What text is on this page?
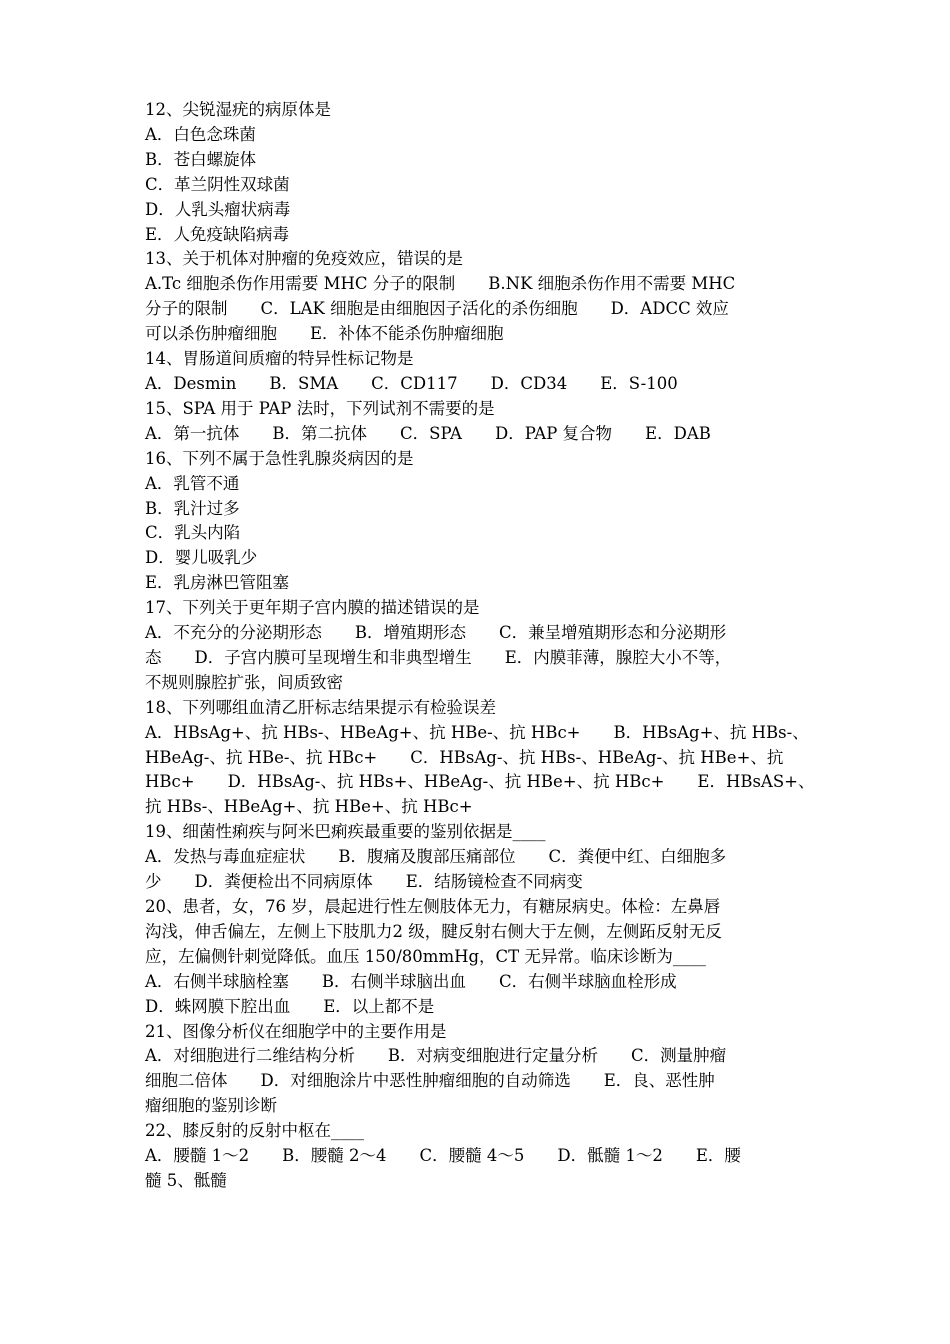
12、尖锐湿疣的病原体是

A．白色念珠菌

B．苍白螺旋体

C．革兰阴性双球菌

D．人乳头瘤状病毒

E．人免疫缺陷病毒

13、关于机体对肿瘤的免疫效应，错误的是

A.Tc 细胞杀伤作用需要 MHC 分子的限制　　B.NK 细胞杀伤作用不需要 MHC

分子的限制　　C．LAK 细胞是由细胞因子活化的杀伤细胞　　D．ADCC 效应

可以杀伤肿瘤细胞　　E．补体不能杀伤肿瘤细胞

14、胃肠道间质瘤的特异性标记物是

A．Desmin　　B．SMA　　C．CD117　　D．CD34　　E．S-100

15、SPA 用于 PAP 法时，下列试剂不需要的是

A．第一抗体　　B．第二抗体　　C．SPA　　D．PAP 复合物　　E．DAB

16、下列不属于急性乳腺炎病因的是

A．乳管不通

B．乳汁过多

C．乳头内陷

D．婴儿吸乳少

E．乳房淋巴管阻塞

17、下列关于更年期子宫内膜的描述错误的是

A．不充分的分泌期形态　　B．增殖期形态　　C．兼呈增殖期形态和分泌期形

态　　D．子宫内膜可呈现增生和非典型增生　　E．内膜菲薄，腺腔大小不等，

不规则腺腔扩张，间质致密

18、下列哪组血清乙肝标志结果提示有检验误差

A．HBsAg+、抗 HBs-、HBeAg+、抗 HBe-、抗 HBc+　　B．HBsAg+、抗 HBs-、

HBeAg-、抗 HBe-、抗 HBc+　　C．HBsAg-、抗 HBs-、HBeAg-、抗 HBe+、抗

HBc+　　D．HBsAg-、抗 HBs+、HBeAg-、抗 HBe+、抗 HBc+　　E．HBsAS+、

抗 HBs-、HBeAg+、抗 HBe+、抗 HBc+

19、细菌性痢疾与阿米巴痢疾最重要的鉴别依据是____

A．发热与毒血症症状　　B．腹痛及腹部压痛部位　　C．粪便中红、白细胞多

少　　D．粪便检出不同病原体　　E．结肠镜检查不同病变

20、患者，女，76 岁，晨起进行性左侧肢体无力，有糖尿病史。体检：左鼻唇

沟浅，伸舌偏左，左侧上下肢肌力2 级，腱反射右侧大于左侧，左侧跖反射无反

应，左偏侧针刺觉降低。血压 150/80mmHg，CT 无异常。临床诊断为____

A．右侧半球脑栓塞　　B．右侧半球脑出血　　C．右侧半球脑血栓形成

D．蛛网膜下腔出血　　E．以上都不是

21、图像分析仪在细胞学中的主要作用是

A．对细胞进行二维结构分析　　B．对病变细胞进行定量分析　　C．测量肿瘤

细胞二倍体　　D．对细胞涂片中恶性肿瘤细胞的自动筛选　　E．良、恶性肿

瘤细胞的鉴别诊断

22、膝反射的反射中枢在____

A．腰髓 1～2　　B．腰髓 2～4　　C．腰髓 4～5　　D．骶髓 1～2　　E．腰

髓 5、骶髓
